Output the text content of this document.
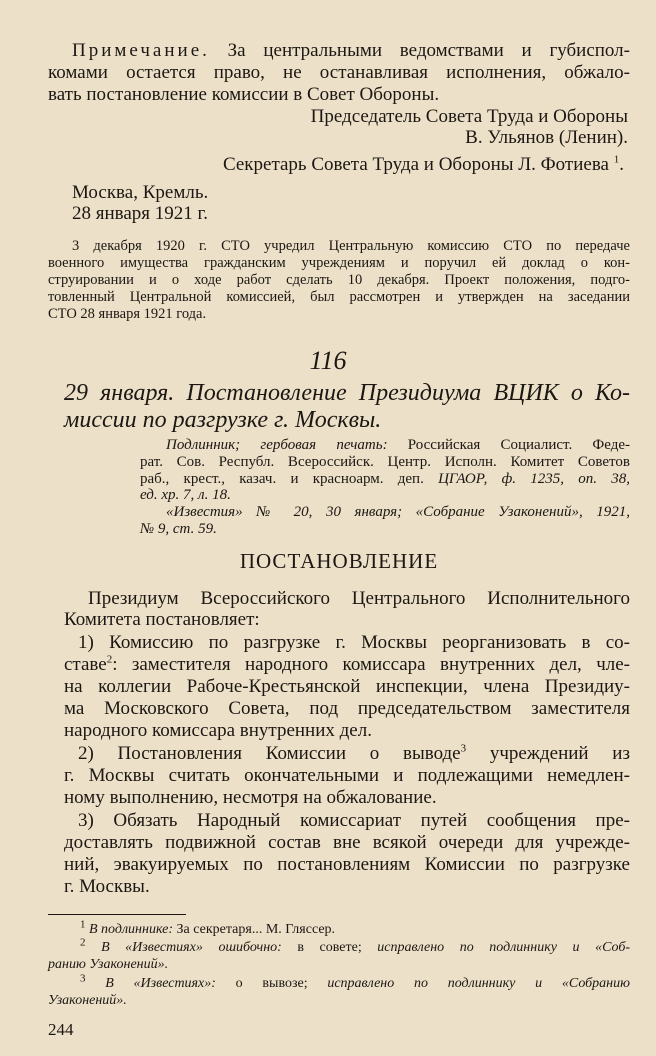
Примечание. За центральными ведомствами и губиспол-
комами остается право, не останавливая исполнения, обжало-
вать постановление комиссии в Совет Обороны.
Председатель Совета Труда и Обороны
В. Ульянов (Ленин).
Секретарь Совета Труда и Обороны Л. Фотиева $^1$.
Москва, Кремль.
28 января 1921 г.
3 декабря 1920 г. СТО учредил Центральную комиссию СТО по передаче
военного имущества гражданским учреждениям и поручил ей доклад о кон-
струировании и о ходе работ сделать 10 декабря. Проект положения, подго-
товленный Центральной комиссией, был рассмотрен и утвержден на заседании
СТО 28 января 1921 года.
116
29 января. Постановление Президиума ВЦИК о Ко-
миссии по разгрузке г. Москвы.
Подлинник; гербовая печать: Российская Социалист. Феде-
рат. Сов. Республ. Всероссийск. Центр. Исполн. Комитет Советов
раб., крест., казач. и красноарм. деп. ЦГАОР, ф. 1235, оп. 38,
ед. хр. 7, л. 18.
«Известия» № 20, 30 января; «Собрание Узаконений», 1921,
№ 9, ст. 59.
ПОСТАНОВЛЕНИЕ
Президиум Всероссийского Центрального Исполнительного
Комитета постановляет:
1) Комиссию по разгрузке г. Москвы реорганизовать в со-
ставе$^2$: заместителя народного комиссара внутренних дел, чле-
на коллегии Рабоче-Крестьянской инспекции, члена Президиу-
ма Московского Совета, под председательством заместителя
народного комиссара внутренних дел.
2) Постановления Комиссии о выводе$^3$ учреждений из
г. Москвы считать окончательными и подлежащими немедлен-
ному выполнению, несмотря на обжалование.
3) Обязать Народный комиссариат путей сообщения пре-
доставлять подвижной состав вне всякой очереди для учрежде-
ний, эвакуируемых по постановлениям Комиссии по разгрузке
г. Москвы.
$^1$ В подлиннике: За секретаря... М. Гляссер.
$^2$ В «Известиях» ошибочно: в совете; исправлено по подлиннику и «Соб-
ранию Узаконений».
$^3$ В «Известиях»: о вывозе; исправлено по подлиннику и «Собранию
Узаконений».
244
